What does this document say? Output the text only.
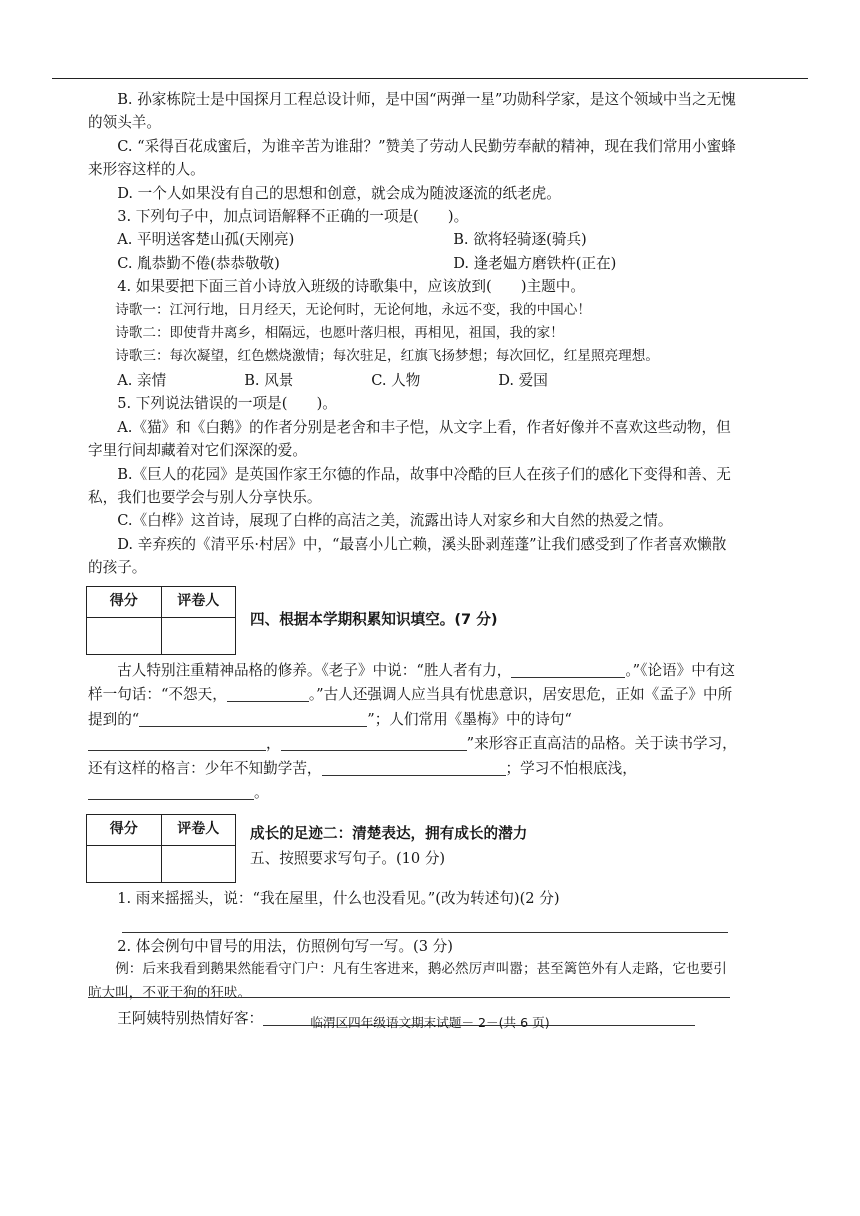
B. 孙家栋院士是中国探月工程总设计师，是中国“两弹一星”功勋科学家，是这个领域中当之无愧的领头羊。

C. “采得百花成蜜后，为谁辛苦为谁甜？”赞美了劳动人民勤劳奉献的精神，现在我们常用小蜜蜂来形容这样的人。

D. 一个人如果没有自己的思想和创意，就会成为随波逐流的纸老虎。

3. 下列句子中，加点词语解释不正确的一项是(　　)。

A. 平明送客楚山孤(天刚亮)	B. 欲将轻骑逐(骑兵)
C. 胤恭勤不倦(恭恭敬敬)	D. 逢老媪方磨铁杵(正在)

4. 如果要把下面三首小诗放入班级的诗歌集中，应该放到(　　)主题中。

诗歌一：江河行地，日月经天，无论何时，无论何地，永远不变，我的中国心！

诗歌二：即使背井离乡，相隔远，也愿叶落归根，再相见，祖国，我的家！

诗歌三：每次凝望，红色燃烧激情；每次驻足，红旗飞扬梦想；每次回忆，红星照亮理想。

A. 亲情	B. 风景	C. 人物	D. 爱国

5. 下列说法错误的一项是(　　)。

A.《猫》和《白鹅》的作者分别是老舍和丰子恺，从文字上看，作者好像并不喜欢这些动物，但字里行间却藏着对它们深深的爱。

B.《巨人的花园》是英国作家王尔德的作品，故事中冷酷的巨人在孩子们的感化下变得和善、无私，我们也要学会与别人分享快乐。

C.《白桦》这首诗，展现了白桦的高洁之美，流露出诗人对家乡和大自然的热爱之情。

D. 辛弃疾的《清平乐·村居》中，“最喜小儿亡赖，溪头卧剥莲蓬”让我们感受到了作者喜欢懒散的孩子。

得分	评卷人

四、根据本学期积累知识填空。(7 分)

古人特别注重精神品格的修养。《老子》中说：“胜人者有力，	。”《论语》中有这样一句话：“不怨天，	。”古人还强调人应当具有忧患意识，居安思危，正如《孟子》中所提到的“	”；人们常用《墨梅》中的诗句“，	”来形容正直高洁的品格。关于读书学习，还有这样的格言：少年不知勤学苦，	；学习不怕根底浅，。

得分	评卷人
	成长的足迹二：清楚表达，拥有成长的潜力
五、按照要求写句子。(10 分)

1. 雨来摇摇头，说：“我在屋里，什么也没看见。”(改为转述句)(2 分)

2. 体会例句中冒号的用法，仿照例句写一写。(3 分)

例：后来我看到鹅果然能看守门户：凡有生客进来，鹅必然厉声叫嚣；甚至篱笆外有人走路，它也要引吭大叫，不亚于狗的狂吠。

王阿姨特别热情好客：	临渭区四年级语文期末试题－ 2－(共 6 页)
